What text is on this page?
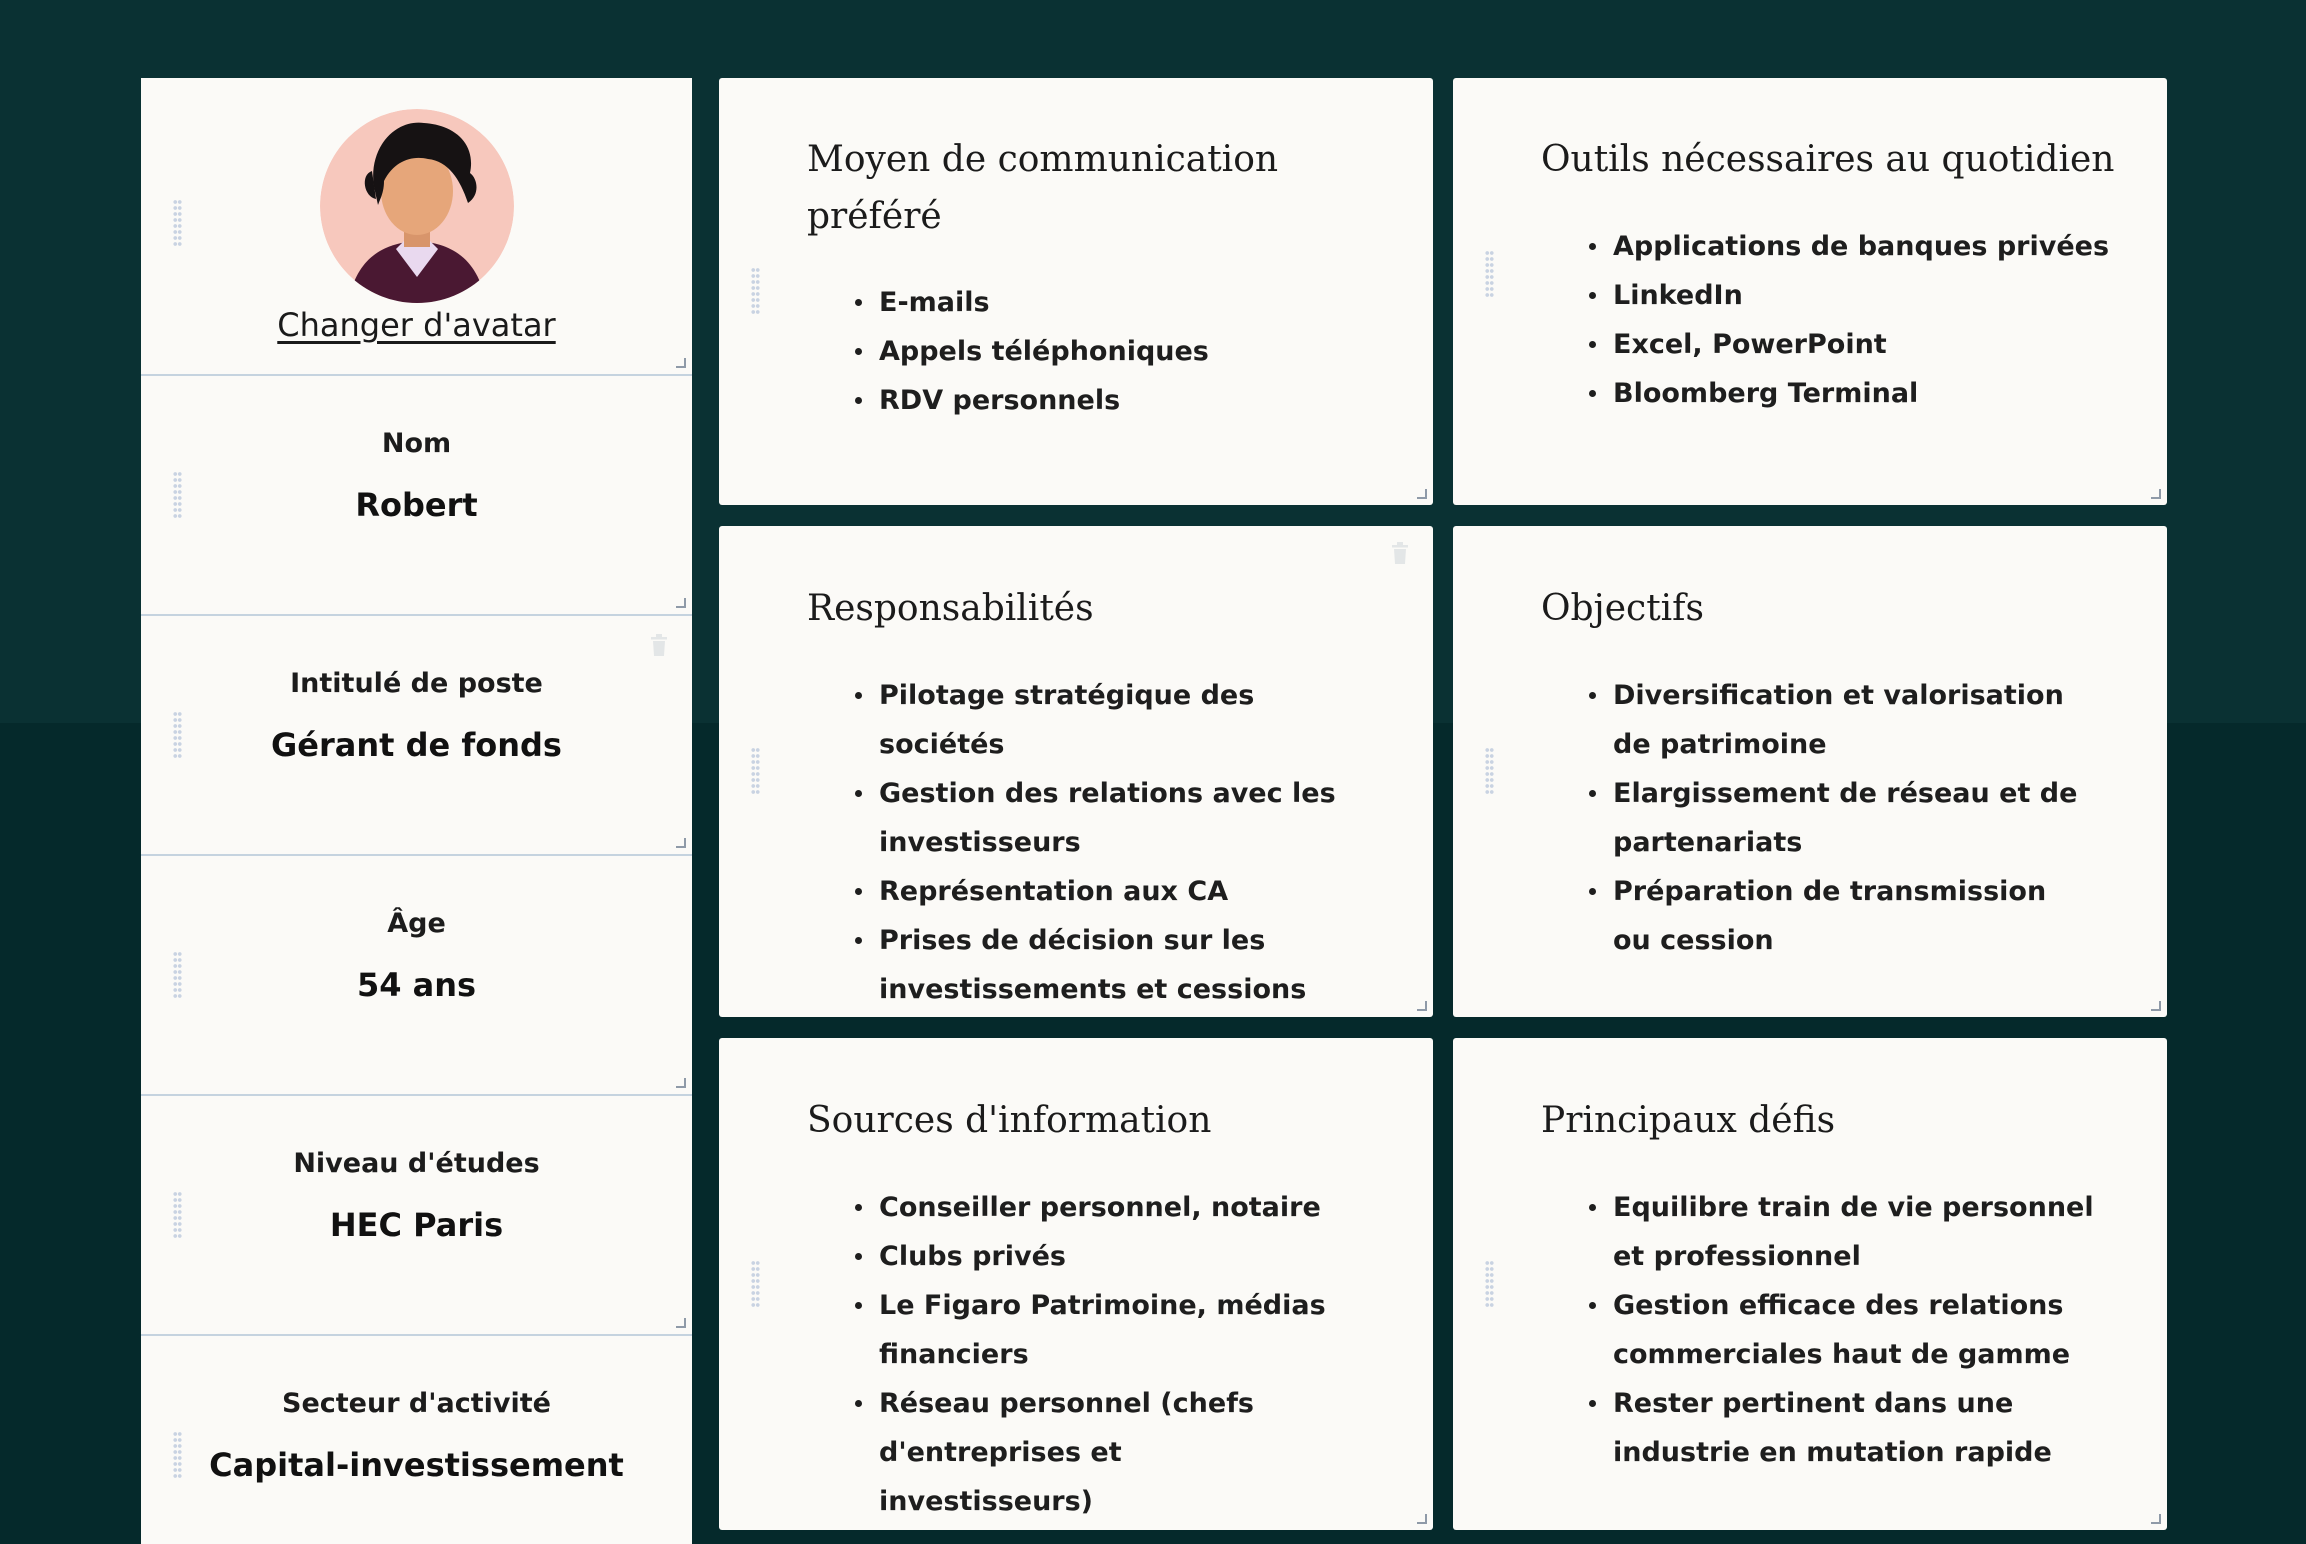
Changer d'avatar
Nom
Robert
Intitulé de poste
Gérant de fonds
Âge
54 ans
Niveau d'études
HEC Paris
Secteur d'activité
Capital-investissement
Moyen de communication préféré
E-mails
Appels téléphoniques
RDV personnels
Responsabilités
Pilotage stratégique des sociétés
Gestion des relations avec les investisseurs
Représentation aux CA
Prises de décision sur les investissements et cessions
Sources d'information
Conseiller personnel, notaire
Clubs privés
Le Figaro Patrimoine, médias financiers
Réseau personnel (chefs d'entreprises et investisseurs)
Outils nécessaires au quotidien
Applications de banques privées
LinkedIn
Excel, PowerPoint
Bloomberg Terminal
Objectifs
Diversification et valorisation de patrimoine
Elargissement de réseau et de partenariats
Préparation de transmission ou cession
Principaux défis
Equilibre train de vie personnel et professionnel
Gestion efficace des relations commerciales haut de gamme
Rester pertinent dans une industrie en mutation rapide
